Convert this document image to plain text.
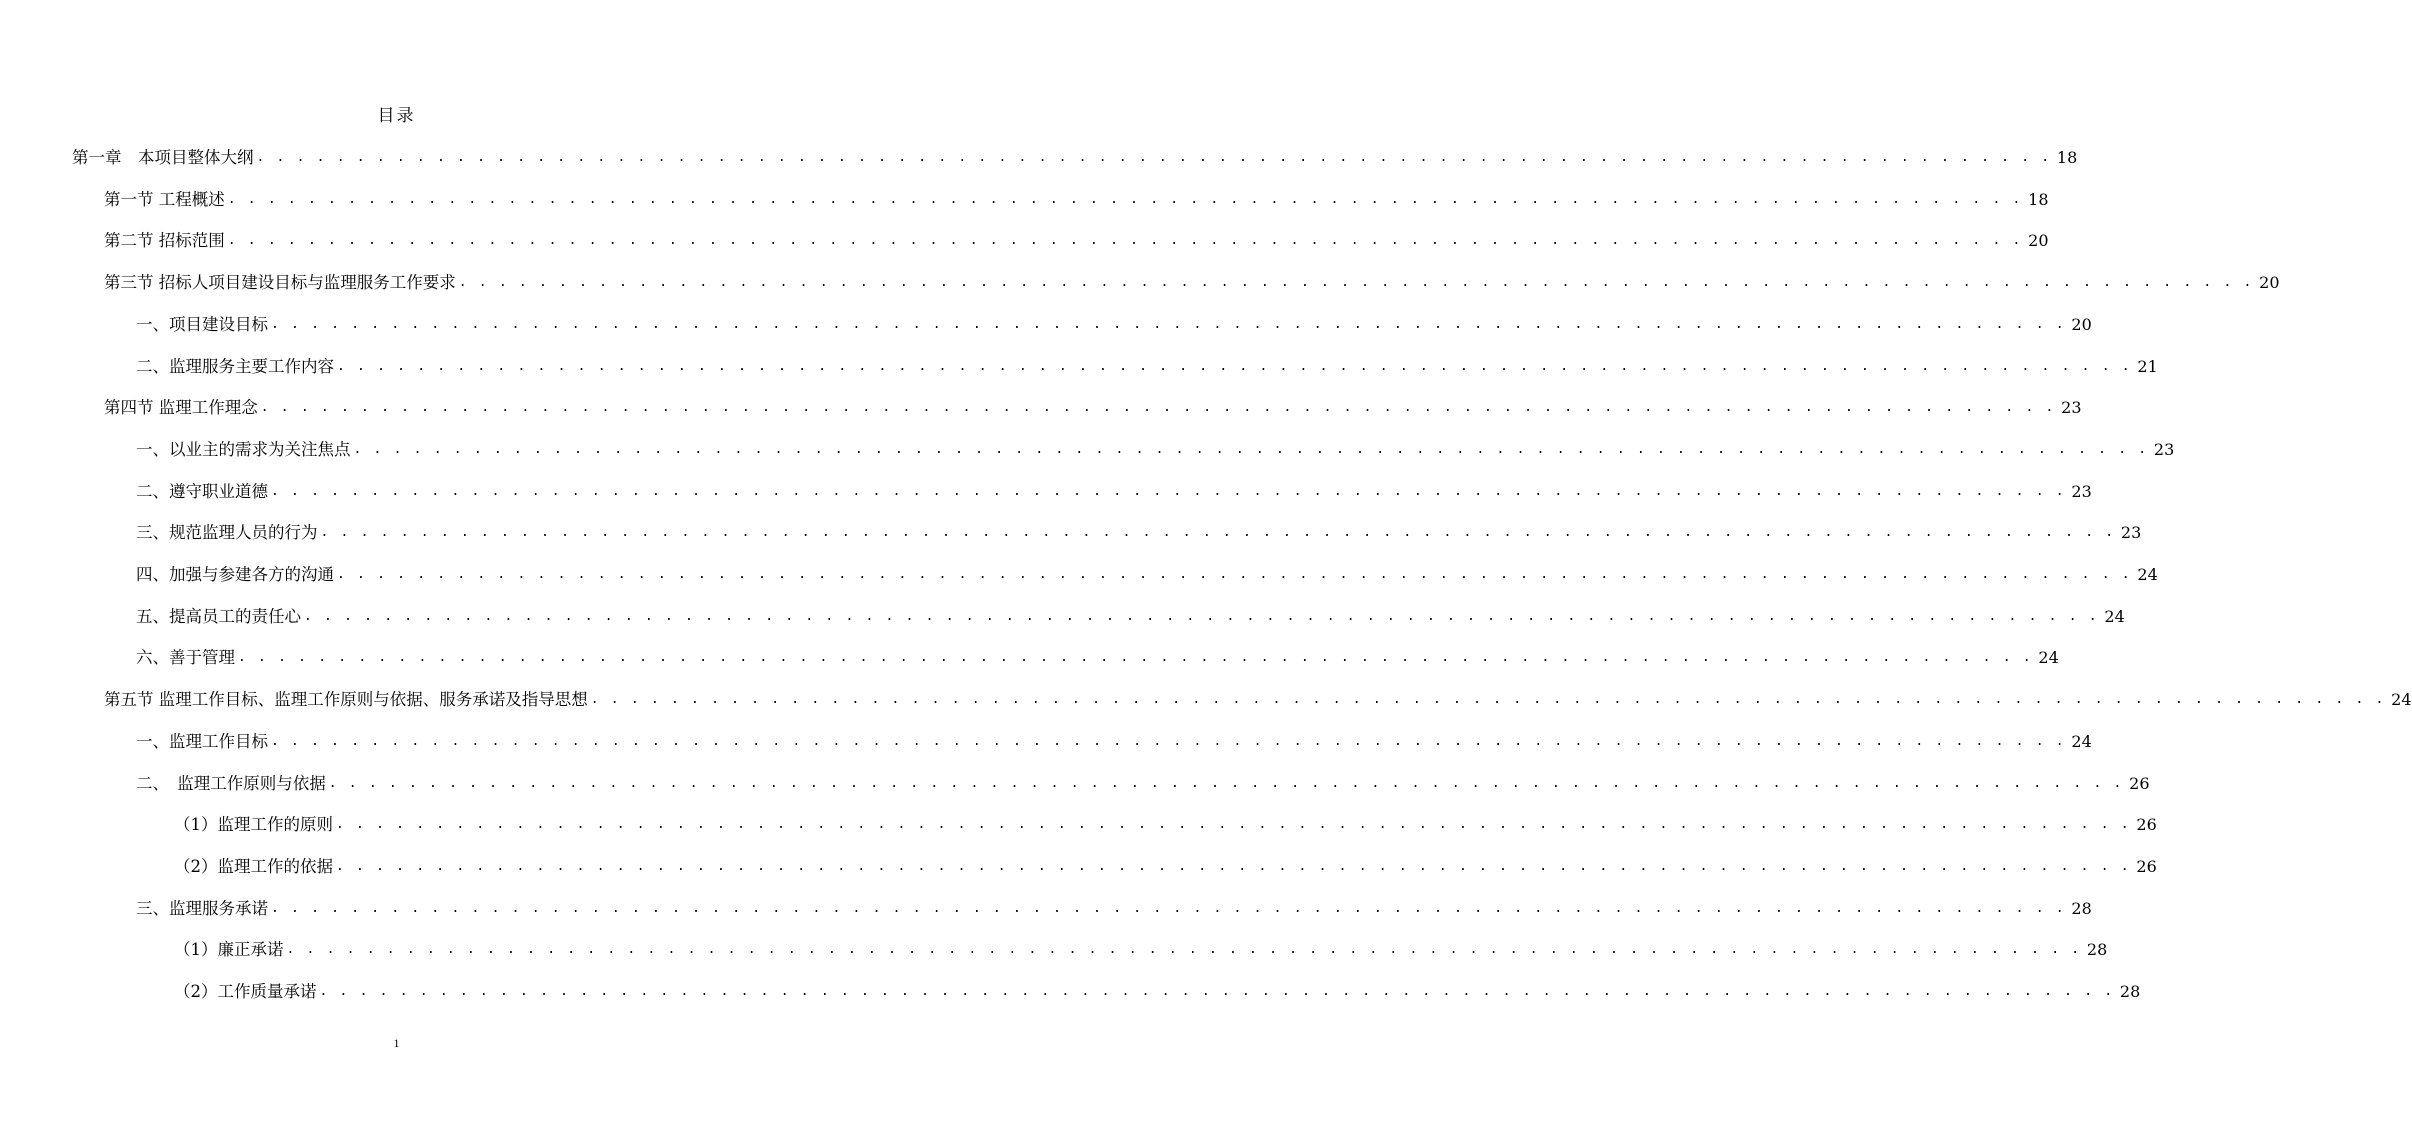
目录
第一章　本项目整体大纲 . . . . . . . . . . . . . . . . . . . . . . . . . . . . . . . . . . . . . . . . . . . . . . . . . . . . . . . . . . . . . . . . . . . . . . . . . . . . . . . . . . . . . . . . . . 18
第一节 工程概述 . . . . . . . . . . . . . . . . . . . . . . . . . . . . . . . . . . . . . . . . . . . . . . . . . . . . . . . . . . . . . . . . . . . . . . . . . . . . . . . . . . . . . . . . . . 18
第二节 招标范围 . . . . . . . . . . . . . . . . . . . . . . . . . . . . . . . . . . . . . . . . . . . . . . . . . . . . . . . . . . . . . . . . . . . . . . . . . . . . . . . . . . . . . . . . . . 20
第三节 招标人项目建设目标与监理服务工作要求 . . . . . . . . . . . . . . . . . . . . . . . . . . . . . . . . . . . . . . . . . . . . . . . . . . . . . . . . . . . . . . . . . . . . . . . . . . . . . . . . . . . . . . . . . . 20
一、项目建设目标 . . . . . . . . . . . . . . . . . . . . . . . . . . . . . . . . . . . . . . . . . . . . . . . . . . . . . . . . . . . . . . . . . . . . . . . . . . . . . . . . . . . . . . . . . . 20
二、监理服务主要工作内容 . . . . . . . . . . . . . . . . . . . . . . . . . . . . . . . . . . . . . . . . . . . . . . . . . . . . . . . . . . . . . . . . . . . . . . . . . . . . . . . . . . . . . . . . . . 21
第四节 监理工作理念 . . . . . . . . . . . . . . . . . . . . . . . . . . . . . . . . . . . . . . . . . . . . . . . . . . . . . . . . . . . . . . . . . . . . . . . . . . . . . . . . . . . . . . . . . . 23
一、以业主的需求为关注焦点 . . . . . . . . . . . . . . . . . . . . . . . . . . . . . . . . . . . . . . . . . . . . . . . . . . . . . . . . . . . . . . . . . . . . . . . . . . . . . . . . . . . . . . . . . . 23
二、遵守职业道德 . . . . . . . . . . . . . . . . . . . . . . . . . . . . . . . . . . . . . . . . . . . . . . . . . . . . . . . . . . . . . . . . . . . . . . . . . . . . . . . . . . . . . . . . . . 23
三、规范监理人员的行为 . . . . . . . . . . . . . . . . . . . . . . . . . . . . . . . . . . . . . . . . . . . . . . . . . . . . . . . . . . . . . . . . . . . . . . . . . . . . . . . . . . . . . . . . . . 23
四、加强与参建各方的沟通 . . . . . . . . . . . . . . . . . . . . . . . . . . . . . . . . . . . . . . . . . . . . . . . . . . . . . . . . . . . . . . . . . . . . . . . . . . . . . . . . . . . . . . . . . . 24
五、提高员工的责任心 . . . . . . . . . . . . . . . . . . . . . . . . . . . . . . . . . . . . . . . . . . . . . . . . . . . . . . . . . . . . . . . . . . . . . . . . . . . . . . . . . . . . . . . . . . 24
六、善于管理 . . . . . . . . . . . . . . . . . . . . . . . . . . . . . . . . . . . . . . . . . . . . . . . . . . . . . . . . . . . . . . . . . . . . . . . . . . . . . . . . . . . . . . . . . . 24
第五节 监理工作目标、监理工作原则与依据、服务承诺及指导思想 . . . . . . . . . . . . . . . . . . . . . . . . . . . . . . . . . . . . . . . . . . . . . . . . . . . . . . . . . . . . . . . . . . . . . . . . . . . . . . . . . . . . . . . . . . 24
一、监理工作目标 . . . . . . . . . . . . . . . . . . . . . . . . . . . . . . . . . . . . . . . . . . . . . . . . . . . . . . . . . . . . . . . . . . . . . . . . . . . . . . . . . . . . . . . . . . 24
二、　监理工作原则与依据 . . . . . . . . . . . . . . . . . . . . . . . . . . . . . . . . . . . . . . . . . . . . . . . . . . . . . . . . . . . . . . . . . . . . . . . . . . . . . . . . . . . . . . . . . . 26
（1）监理工作的原则 . . . . . . . . . . . . . . . . . . . . . . . . . . . . . . . . . . . . . . . . . . . . . . . . . . . . . . . . . . . . . . . . . . . . . . . . . . . . . . . . . . . . . . . . . . 26
（2）监理工作的依据 . . . . . . . . . . . . . . . . . . . . . . . . . . . . . . . . . . . . . . . . . . . . . . . . . . . . . . . . . . . . . . . . . . . . . . . . . . . . . . . . . . . . . . . . . . 26
三、监理服务承诺 . . . . . . . . . . . . . . . . . . . . . . . . . . . . . . . . . . . . . . . . . . . . . . . . . . . . . . . . . . . . . . . . . . . . . . . . . . . . . . . . . . . . . . . . . . 28
（1）廉正承诺 . . . . . . . . . . . . . . . . . . . . . . . . . . . . . . . . . . . . . . . . . . . . . . . . . . . . . . . . . . . . . . . . . . . . . . . . . . . . . . . . . . . . . . . . . . 28
（2）工作质量承诺 . . . . . . . . . . . . . . . . . . . . . . . . . . . . . . . . . . . . . . . . . . . . . . . . . . . . . . . . . . . . . . . . . . . . . . . . . . . . . . . . . . . . . . . . . . 28
1
